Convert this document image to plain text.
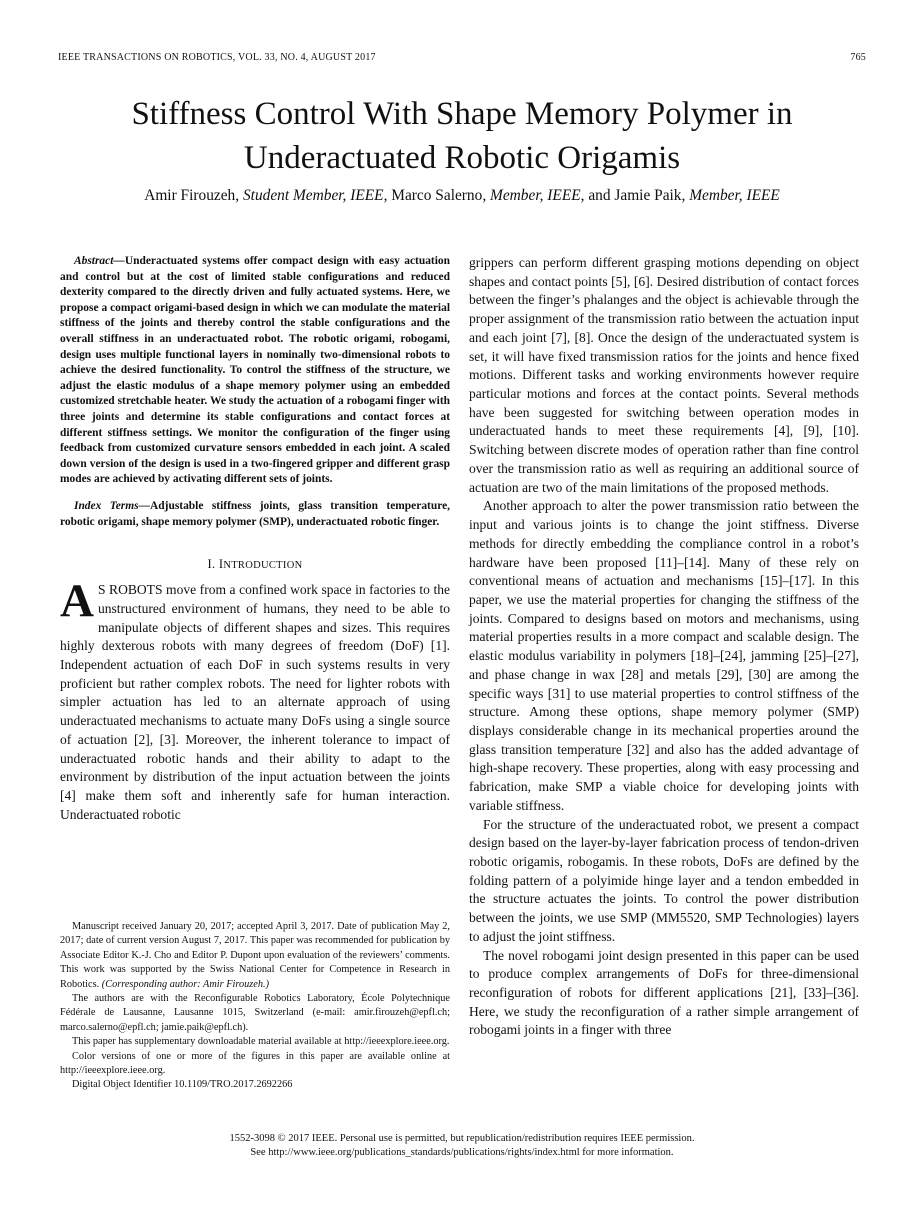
IEEE TRANSACTIONS ON ROBOTICS, VOL. 33, NO. 4, AUGUST 2017	765
Stiffness Control With Shape Memory Polymer in
Underactuated Robotic Origamis
Amir Firouzeh, Student Member, IEEE, Marco Salerno, Member, IEEE, and Jamie Paik, Member, IEEE

Abstract—Underactuated systems offer compact design with easy actuation and control but at the cost of limited stable configurations and reduced dexterity compared to the directly driven and fully actuated systems. Here, we propose a compact origami-based design in which we can modulate the material stiffness of the joints and thereby control the stable configurations and the overall stiffness in an underactuated robot. The robotic origami, robogami, design uses multiple functional layers in nominally two-dimensional robots to achieve the desired functionality. To control the stiffness of the structure, we adjust the elastic modulus of a shape memory polymer using an embedded customized stretchable heater. We study the actuation of a robogami finger with three joints and determine its stable configurations and contact forces at different stiffness settings. We monitor the configuration of the finger using feedback from customized curvature sensors embedded in each joint. A scaled down version of the design is used in a two-fingered gripper and different grasp modes are achieved by activating different sets of joints.

Index Terms—Adjustable stiffness joints, glass transition temperature, robotic origami, shape memory polymer (SMP), underactuated robotic finger.

I. INTRODUCTION
A S ROBOTS move from a confined work space in factories to the unstructured environment of humans, they need to be able to manipulate objects of different shapes and sizes. This requires highly dexterous robots with many degrees of freedom (DoF) [1]. Independent actuation of each DoF in such systems results in very proficient but rather complex robots. The need for lighter robots with simpler actuation has led to an alternate approach of using underactuated mechanisms to actuate many DoFs using a single source of actuation [2], [3]. Moreover, the inherent tolerance to impact of underactuated robotic hands and their ability to adapt to the environment by distribution of the input actuation between the joints [4] make them soft and inherently safe for human interaction. Underactuated robotic

grippers can perform different grasping motions depending on object shapes and contact points [5], [6]. Desired distribution of contact forces between the finger’s phalanges and the object is achievable through the proper assignment of the transmission ratio between the actuation input and each joint [7], [8]. Once the design of the underactuated system is set, it will have fixed transmission ratios for the joints and hence fixed motions. Different tasks and working environments however require particular motions and forces at the contact points. Several methods have been suggested for switching between operation modes in underactuated hands to meet these requirements [4], [9], [10]. Switching between discrete modes of operation rather than fine control over the transmission ratio as well as requiring an additional source of actuation are two of the main limitations of the proposed methods.

Another approach to alter the power transmission ratio between the input and various joints is to change the joint stiffness. Diverse methods for directly embedding the compliance control in a robot’s hardware have been proposed [11]–[14]. Many of these rely on conventional means of actuation and mechanisms [15]–[17]. In this paper, we use the material properties for changing the stiffness of the joints. Compared to designs based on motors and mechanisms, using material properties results in a more compact and scalable design. The elastic modulus variability in polymers [18]–[24], jamming [25]–[27], and phase change in wax [28] and metals [29], [30] are among the specific ways [31] to use material properties to control stiffness of the structure. Among these options, shape memory polymer (SMP) displays considerable change in its mechanical properties around the glass transition temperature [32] and also has the added advantage of high-shape recovery. These properties, along with easy processing and fabrication, make SMP a viable choice for developing joints with variable stiffness.

For the structure of the underactuated robot, we present a compact design based on the layer-by-layer fabrication process of tendon-driven robotic origamis, robogamis. In these robots, DoFs are defined by the folding pattern of a polyimide hinge layer and a tendon embedded in the structure actuates the joints. To control the power distribution between the joints, we use SMP (MM5520, SMP Technologies) layers to adjust the joint stiffness.

The novel robogami joint design presented in this paper can be used to produce complex arrangements of DoFs for three-dimensional reconfiguration of robots for different applications [21], [33]–[36]. Here, we study the reconfiguration of a rather simple arrangement of robogami joints in a finger with three

Manuscript received January 20, 2017; accepted April 3, 2017. Date of publication May 2, 2017; date of current version August 7, 2017. This paper was recommended for publication by Associate Editor K.-J. Cho and Editor P. Dupont upon evaluation of the reviewers’ comments. This work was supported by the Swiss National Center for Competence in Research in Robotics. (Corresponding author: Amir Firouzeh.)

The authors are with the Reconfigurable Robotics Laboratory, École Polytechnique Fédérale de Lausanne, Lausanne 1015, Switzerland (e-mail: amir.firouzeh@epfl.ch; marco.salerno@epfl.ch; jamie.paik@epfl.ch).

This paper has supplementary downloadable material available at http://ieeexplore.ieee.org.

Color versions of one or more of the figures in this paper are available online at http://ieeexplore.ieee.org.

Digital Object Identifier 10.1109/TRO.2017.2692266

1552-3098 © 2017 IEEE. Personal use is permitted, but republication/redistribution requires IEEE permission.
See http://www.ieee.org/publications_standards/publications/rights/index.html for more information.
